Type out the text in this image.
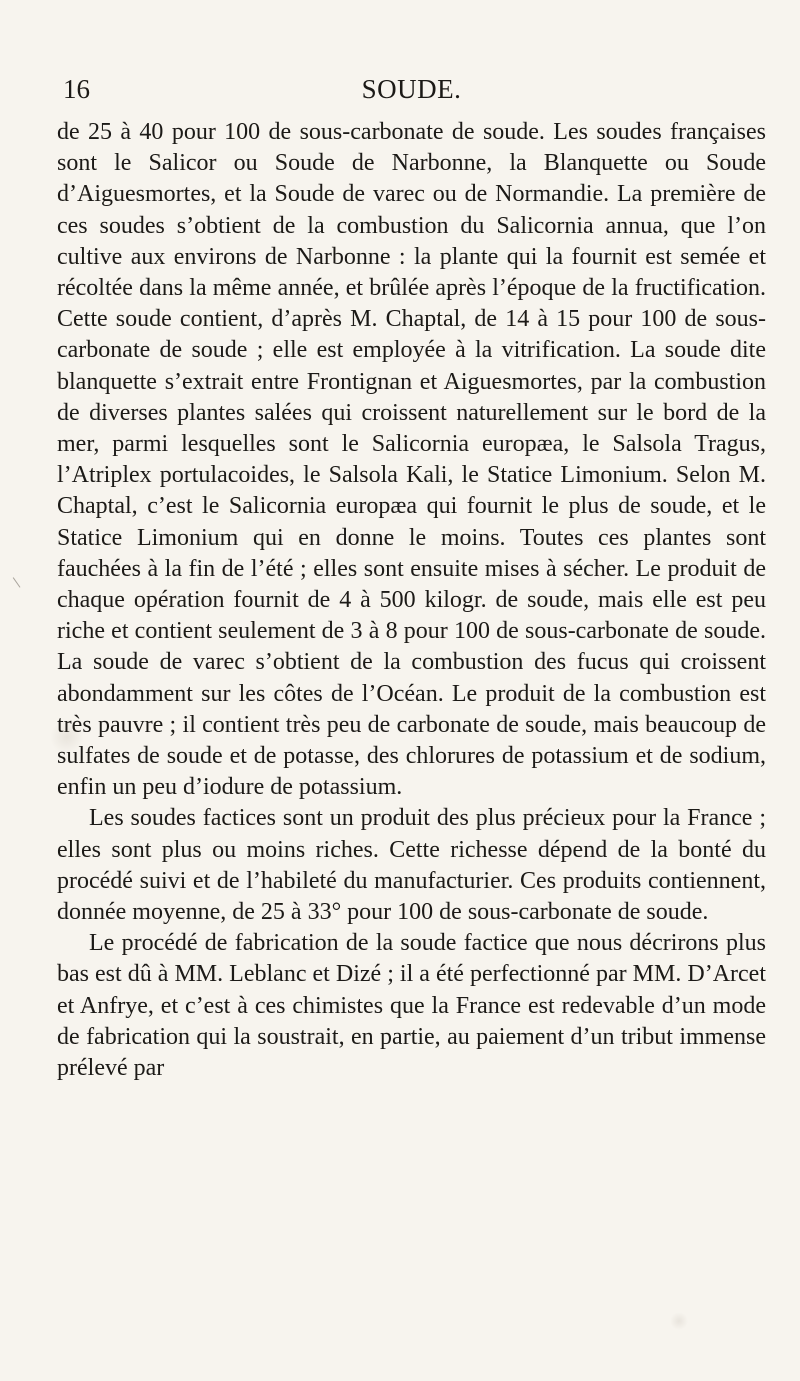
16	SOUDE.

de 25 à 40 pour 100 de sous-carbonate de soude. Les soudes françaises sont le Salicor ou Soude de Narbonne, la Blanquette ou Soude d’Aiguesmortes, et la Soude de varec ou de Normandie. La première de ces soudes s’obtient de la combustion du Salicornia annua, que l’on cultive aux environs de Narbonne : la plante qui la fournit est semée et récoltée dans la même année, et brûlée après l’époque de la fructification. Cette soude contient, d’après M. Chaptal, de 14 à 15 pour 100 de sous-carbonate de soude ; elle est employée à la vitrification. La soude dite blanquette s’extrait entre Frontignan et Aiguesmortes, par la combustion de diverses plantes salées qui croissent naturellement sur le bord de la mer, parmi lesquelles sont le Salicornia europæa, le Salsola Tragus, l’Atriplex portulacoides, le Salsola Kali, le Statice Limonium. Selon M. Chaptal, c’est le Salicornia europæa qui fournit le plus de soude, et le Statice Limonium qui en donne le moins. Toutes ces plantes sont fauchées à la fin de l’été ; elles sont ensuite mises à sécher. Le produit de chaque opération fournit de 4 à 500 kilogr. de soude, mais elle est peu riche et contient seulement de 3 à 8 pour 100 de sous-carbonate de soude. La soude de varec s’obtient de la combustion des fucus qui croissent abondamment sur les côtes de l’Océan. Le produit de la combustion est très pauvre ; il contient très peu de carbonate de soude, mais beaucoup de sulfates de soude et de potasse, des chlorures de potassium et de sodium, enfin un peu d’iodure de potassium.

Les soudes factices sont un produit des plus précieux pour la France ; elles sont plus ou moins riches. Cette richesse dépend de la bonté du procédé suivi et de l’habileté du manufacturier. Ces produits contiennent, donnée moyenne, de 25 à 33° pour 100 de sous-carbonate de soude.

Le procédé de fabrication de la soude factice que nous décrirons plus bas est dû à MM. Leblanc et Dizé ; il a été perfectionné par MM. D’Arcet et Anfrye, et c’est à ces chimistes que la France est redevable d’un mode de fabrication qui la soustrait, en partie, au paiement d’un tribut immense prélevé par
